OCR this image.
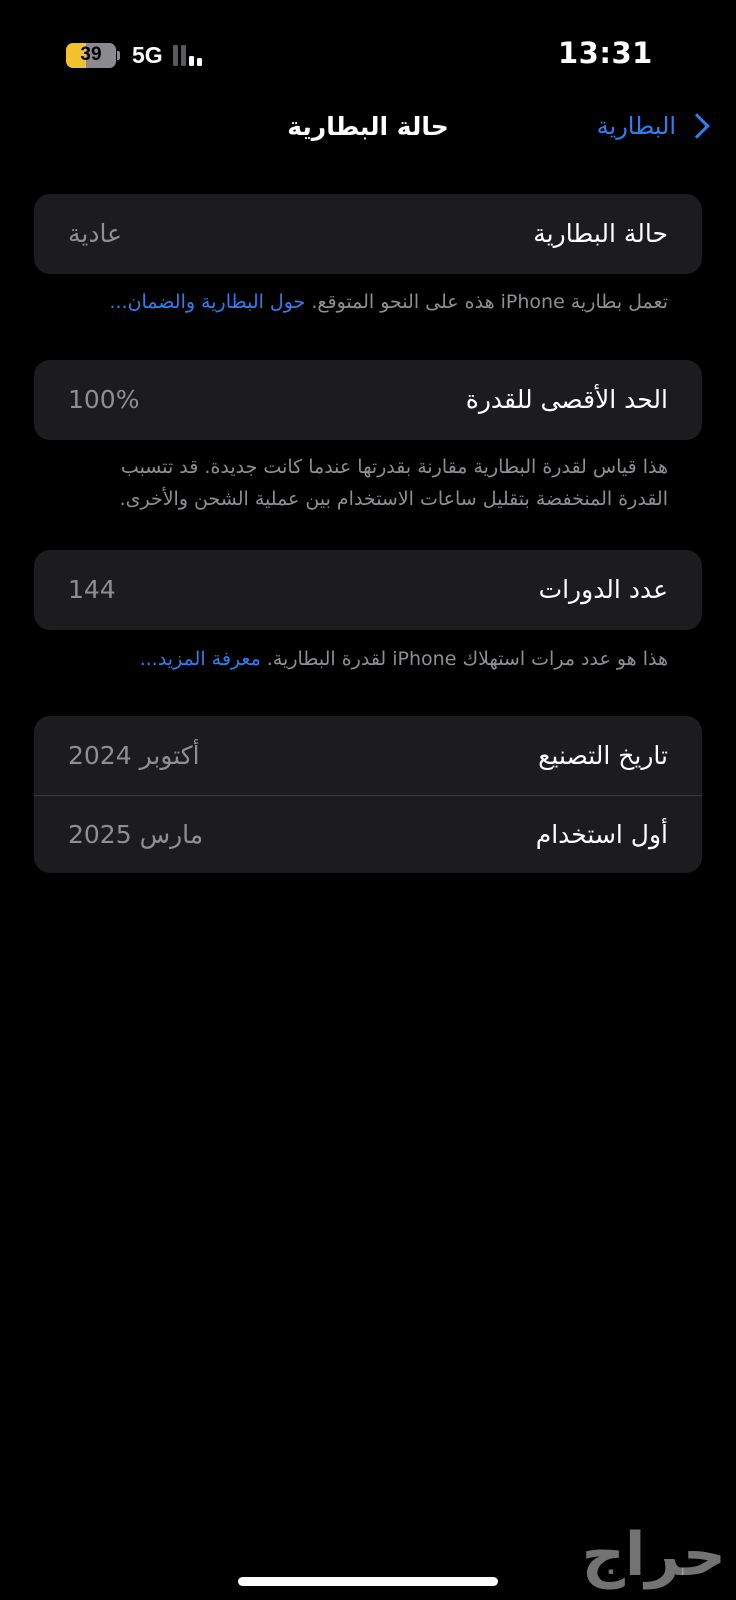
39 5G	13:31
حالة البطارية	البطارية
حالة البطارية
عادية
تعمل بطارية iPhone هذه على النحو المتوقع. حول البطارية والضمان...
الحد الأقصى للقدرة
100%
هذا قياس لقدرة البطارية مقارنة بقدرتها عندما كانت جديدة. قد تتسبب القدرة المنخفضة بتقليل ساعات الاستخدام بين عملية الشحن والأخرى.
عدد الدورات
144
هذا هو عدد مرات استهلاك iPhone لقدرة البطارية. معرفة المزيد...
تاريخ التصنيع
أكتوبر 2024
أول استخدام
مارس 2025
حراج
